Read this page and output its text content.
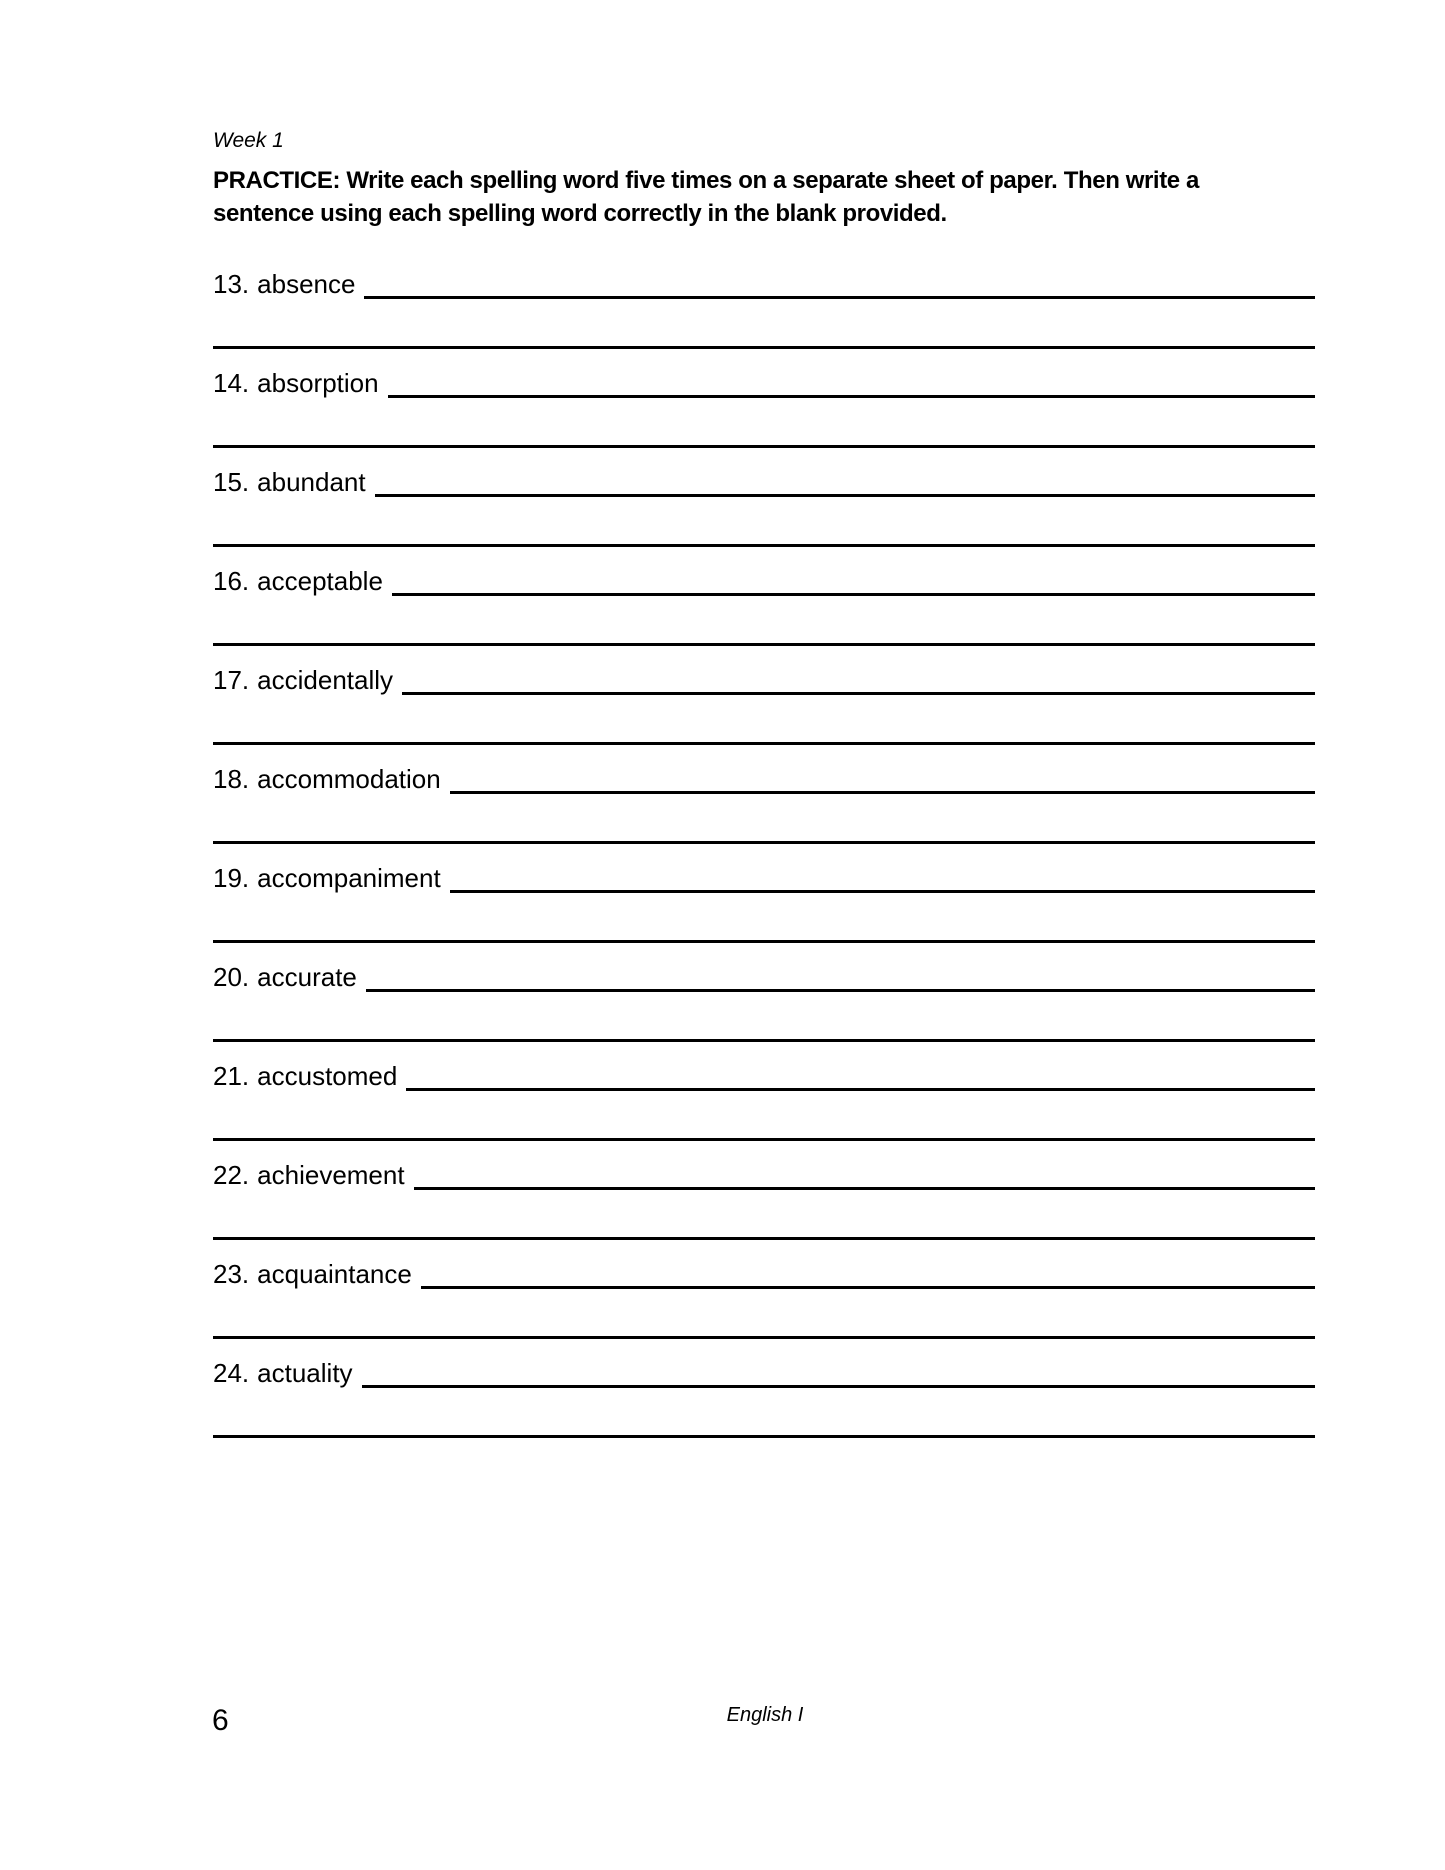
Week 1
PRACTICE: Write each spelling word five times on a separate sheet of paper. Then write a
sentence using each spelling word correctly in the blank provided.
13. absence
14. absorption
15. abundant
16. acceptable
17. accidentally
18. accommodation
19. accompaniment
20. accurate
21. accustomed
22. achievement
23. acquaintance
24. actuality
6	English I
